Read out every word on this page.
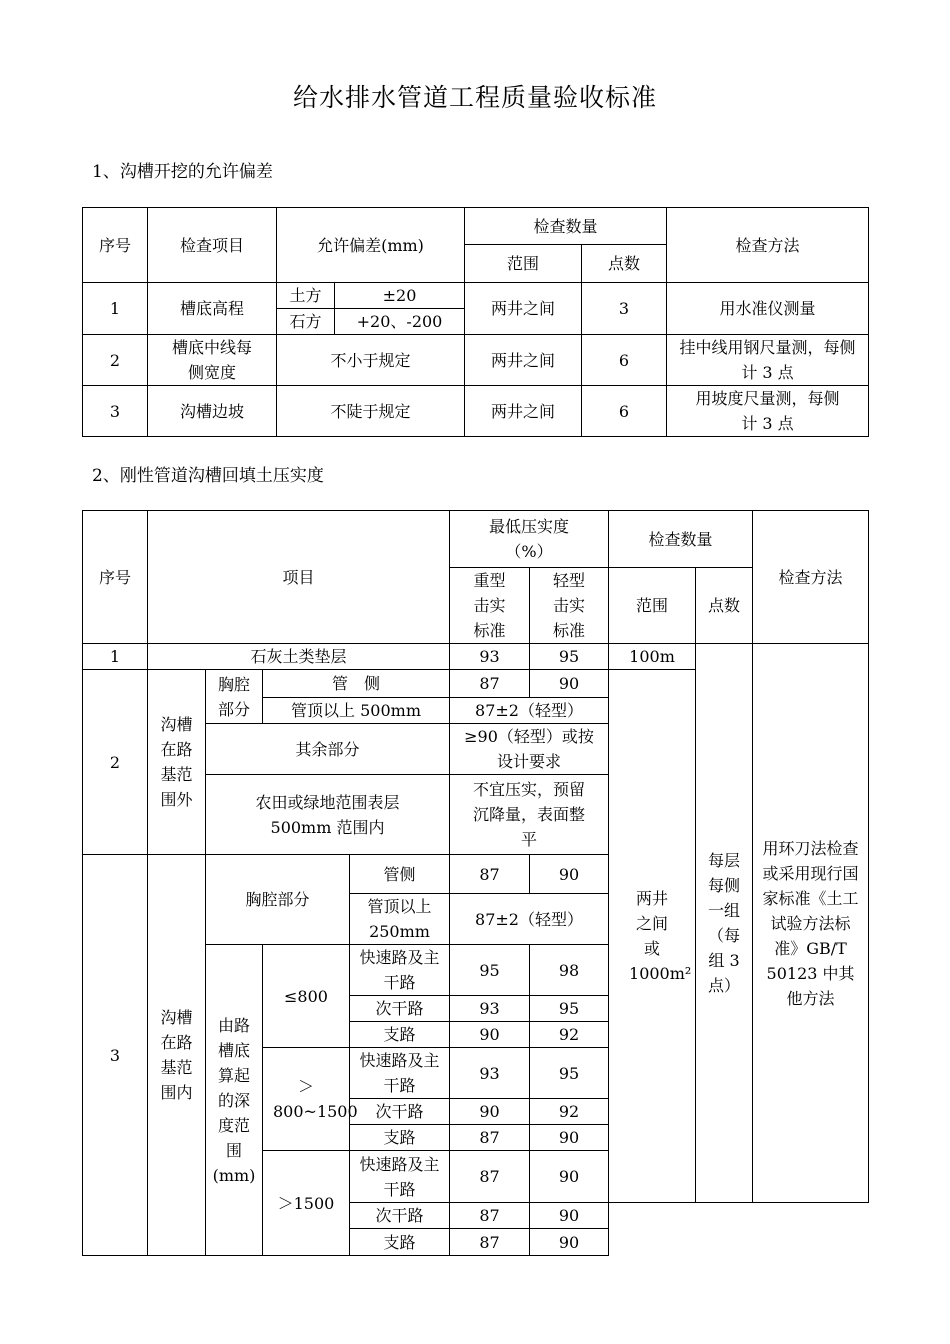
给水排水管道工程质量验收标准
1、沟槽开挖的允许偏差
序号	检查项目	允许偏差(mm)		检查数量		检查方法
				范围	点数	
1	槽底高程	土方	±20	两井之间	3	用水准仪测量
		石方	+20、-200			
2	槽底中线每侧宽度	不小于规定		两井之间	6	挂中线用钢尺量测，每侧计 3 点
3	沟槽边坡	不陡于规定		两井之间	6	用坡度尺量测，每侧计 3 点
2、刚性管道沟槽回填土压实度
序号	项目				最低压实度（%）		检查数量		检查方法
					重型击实标准	轻型击实标准	范围	点数	
1	石灰土类垫层				93	95	100m	每层每侧一组（每组 3 点）	用环刀法检查或采用现行国家标准《土工试验方法标准》GB/T 50123 中其他方法
2	沟槽在路基范围外	胸腔部分	管　侧		87	90	两井之间或1000m²		
			管顶以上 500mm		87±2（轻型）				
		其余部分			≥90（轻型）或按设计要求				
		农田或绿地范围表层500mm 范围内			不宜压实，预留沉降量，表面整平				
3	沟槽在路基范围内	胸腔部分		管侧	87	90			
				管顶以上250mm	87±2（轻型）				
		由路槽底算起的深度范围(mm)	≤800	快速路及主干路	95	98			
				次干路	93	95			
				支路	90	92			
			＞800~1500	快速路及主干路	93	95			
				次干路	90	92			
				支路	87	90			
			＞1500	快速路及主干路	87	90			
				次干路	87	90			
				支路	87	90			
